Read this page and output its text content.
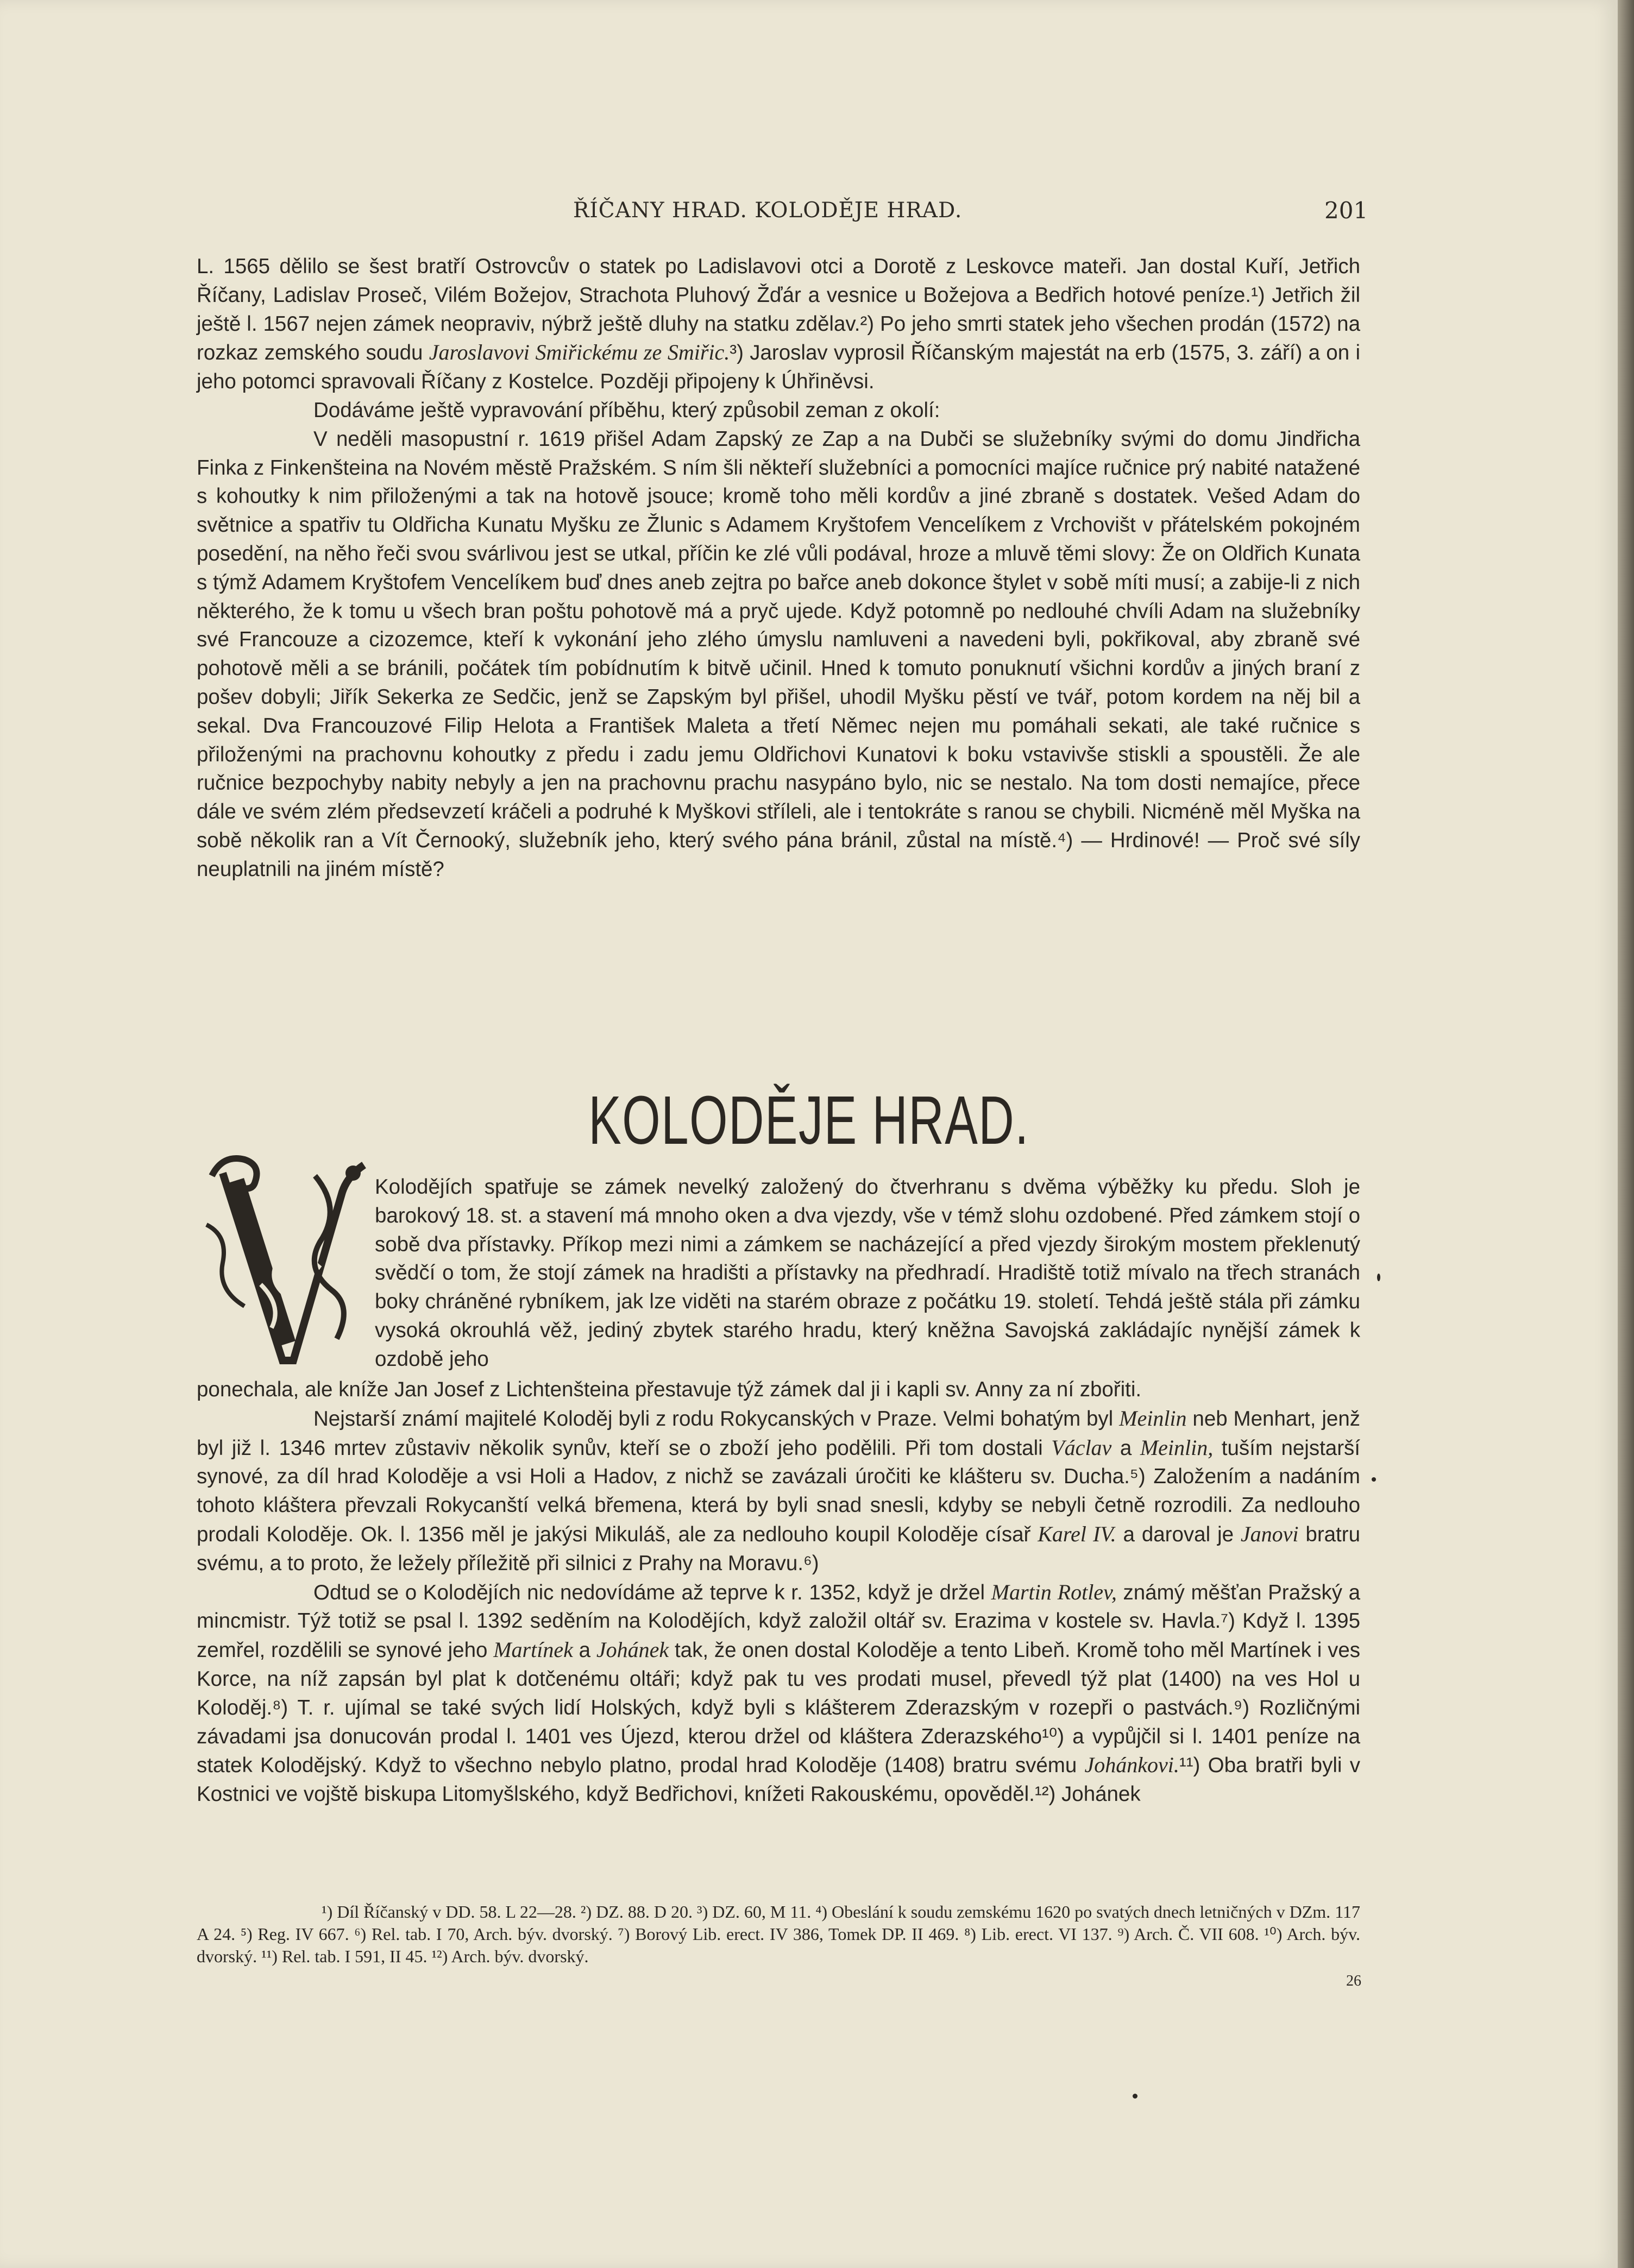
ŘÍČANY HRAD. KOLODĚJE HRAD.	201

L. 1565 dělilo se šest bratří Ostrovcův o statek po Ladislavovi otci a Dorotě z Leskovce mateři. Jan dostal Kuří, Jetřich Říčany, Ladislav Proseč, Vilém Božejov, Strachota Pluhový Žďár a vesnice u Božejova a Bedřich hotové peníze.¹) Jetřich žil ještě l. 1567 nejen zámek neopraviv, nýbrž ještě dluhy na statku zdělav.²) Po jeho smrti statek jeho všechen prodán (1572) na rozkaz zemského soudu Jaroslavovi Smiřickému ze Smiřic.³) Jaroslav vyprosil Říčanským majestát na erb (1575, 3. září) a on i jeho potomci spravovali Říčany z Kostelce. Později připojeny k Úhřiněvsi.

Dodáváme ještě vypravování příběhu, který způsobil zeman z okolí:

V neděli masopustní r. 1619 přišel Adam Zapský ze Zap a na Dubči se služebníky svými do domu Jindřicha Finka z Finkenšteina na Novém městě Pražském. S ním šli někteří služebníci a pomocníci majíce ručnice prý nabité natažené s kohoutky k nim přiloženými a tak na hotově jsouce; kromě toho měli kordův a jiné zbraně s dostatek. Vešed Adam do světnice a spatřiv tu Oldřicha Kunatu Myšku ze Žlunic s Adamem Kryštofem Vencelíkem z Vrchovišt v přátelském pokojném posedění, na něho řeči svou svárlivou jest se utkal, příčin ke zlé vůli podával, hroze a mluvě těmi slovy: Že on Oldřich Kunata s týmž Adamem Kryštofem Vencelíkem buď dnes aneb zejtra po bařce aneb dokonce štylet v sobě míti musí; a zabije-li z nich některého, že k tomu u všech bran poštu pohotově má a pryč ujede. Když potomně po nedlouhé chvíli Adam na služebníky své Francouze a cizozemce, kteří k vykonání jeho zlého úmyslu namluveni a navedeni byli, pokřikoval, aby zbraně své pohotově měli a se bránili, počátek tím pobídnutím k bitvě učinil. Hned k tomuto ponuknutí všichni kordův a jiných braní z pošev dobyli; Jiřík Sekerka ze Sedčic, jenž se Zapským byl přišel, uhodil Myšku pěstí ve tvář, potom kordem na něj bil a sekal. Dva Francouzové Filip Helota a František Maleta a třetí Němec nejen mu pomáhali sekati, ale také ručnice s přiloženými na prachovnu kohoutky z předu i zadu jemu Oldřichovi Kunatovi k boku vstavivše stiskli a spoustěli. Že ale ručnice bezpochyby nabity nebyly a jen na prachovnu prachu nasypáno bylo, nic se nestalo. Na tom dosti nemajíce, přece dále ve svém zlém předsevzetí kráčeli a podruhé k Myškovi stříleli, ale i tentokráte s ranou se chybili. Nicméně měl Myška na sobě několik ran a Vít Černooký, služebník jeho, který svého pána bránil, zůstal na místě.⁴) — Hrdinové! — Proč své síly neuplatnili na jiném místě?

KOLODĚJE HRAD.

Kolodějích spatřuje se zámek nevelký založený do čtverhranu s dvěma výběžky ku předu. Sloh je barokový 18. st. a stavení má mnoho oken a dva vjezdy, vše v témž slohu ozdobené. Před zámkem stojí o sobě dva přístavky. Příkop mezi nimi a zámkem se nacházející a před vjezdy širokým mostem překlenutý svědčí o tom, že stojí zámek na hradišti a přístavky na předhradí. Hradiště totiž mívalo na třech stranách boky chráněné rybníkem, jak lze viděti na starém obraze z počátku 19. století. Tehdá ještě stála při zámku vysoká okrouhlá věž, jediný zbytek starého hradu, který kněžna Savojská zakládajíc nynější zámek k ozdobě jeho

ponechala, ale kníže Jan Josef z Lichtenšteina přestavuje týž zámek dal ji i kapli sv. Anny za ní zbořiti.

Nejstarší známí majitelé Koloděj byli z rodu Rokycanských v Praze. Velmi bohatým byl Meinlin neb Menhart, jenž byl již l. 1346 mrtev zůstaviv několik synův, kteří se o zboží jeho podělili. Při tom dostali Václav a Meinlin, tuším nejstarší synové, za díl hrad Koloděje a vsi Holi a Hadov, z nichž se zavázali úročiti ke klášteru sv. Ducha.⁵) Založením a nadáním tohoto kláštera převzali Rokycanští velká břemena, která by byli snad snesli, kdyby se nebyli četně rozrodili. Za nedlouho prodali Koloděje. Ok. l. 1356 měl je jakýsi Mikuláš, ale za nedlouho koupil Koloděje císař Karel IV. a daroval je Janovi bratru svému, a to proto, že ležely příležitě při silnici z Prahy na Moravu.⁶)

Odtud se o Kolodějích nic nedovídáme až teprve k r. 1352, když je držel Martin Rotlev, známý měšťan Pražský a mincmistr. Týž totiž se psal l. 1392 seděním na Kolodějích, když založil oltář sv. Erazima v kostele sv. Havla.⁷) Když l. 1395 zemřel, rozdělili se synové jeho Martínek a Johánek tak, že onen dostal Koloděje a tento Libeň. Kromě toho měl Martínek i ves Korce, na níž zapsán byl plat k dotčenému oltáři; když pak tu ves prodati musel, převedl týž plat (1400) na ves Hol u Koloděj.⁸) T. r. ujímal se také svých lidí Holských, když byli s klášterem Zderazským v rozepři o pastvách.⁹) Rozličnými závadami jsa donucován prodal l. 1401 ves Újezd, kterou držel od kláštera Zderazského¹⁰) a vypůjčil si l. 1401 peníze na statek Kolodějský. Když to všechno nebylo platno, prodal hrad Koloděje (1408) bratru svému Johánkovi.¹¹) Oba bratři byli v Kostnici ve vojště biskupa Litomyšlského, když Bedřichovi, knížeti Rakouskému, opověděl.¹²) Johánek

¹) Díl Říčanský v DD. 58. L 22—28. ²) DZ. 88. D 20. ³) DZ. 60, M 11. ⁴) Obeslání k soudu zemskému 1620 po svatých dnech letničných v DZm. 117 A 24. ⁵) Reg. IV 667. ⁶) Rel. tab. I 70, Arch. býv. dvorský. ⁷) Borový Lib. erect. IV 386, Tomek DP. II 469. ⁸) Lib. erect. VI 137. ⁹) Arch. Č. VII 608. ¹⁰) Arch. býv. dvorský. ¹¹) Rel. tab. I 591, II 45. ¹²) Arch. býv. dvorský.

26
